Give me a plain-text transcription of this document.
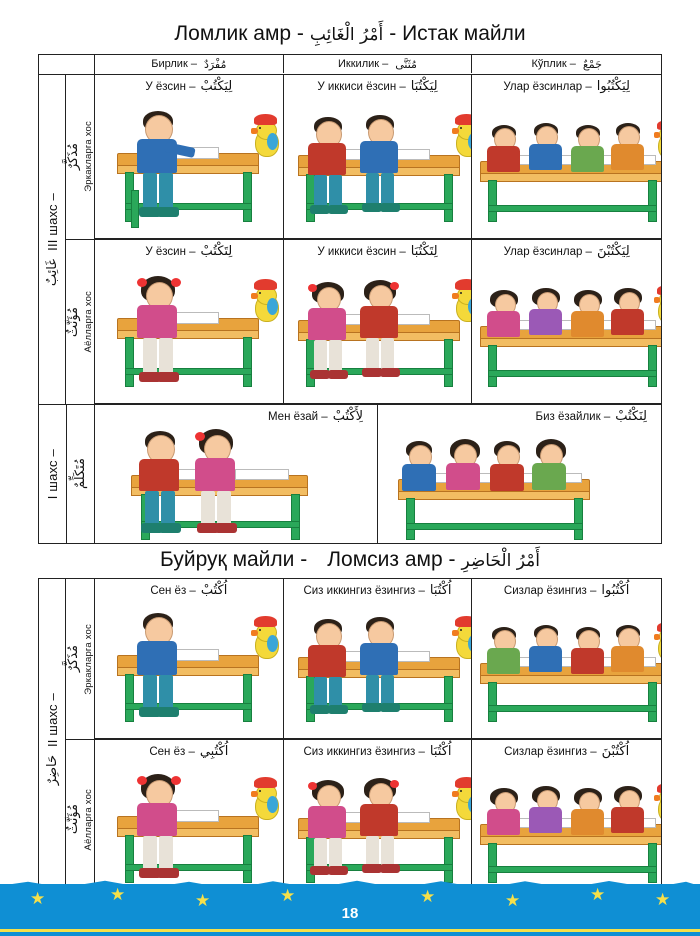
Ломлик амр - أَمْرُ الْغَائِبِ - Истак майли
Бирлик – مُفْرَدٌ	Иккилик – مُثَنَّى	Кўплик – جَمْعٌ
III шахс –
غَائِبٌ
مُذَكَّرٌ Эркакларга хос
مُؤَنَّثٌ Аёлларга хос
I шахс – مُتَكَلِّمٌ
У ёзсин – لِيَكْتُبْ	У иккиси ёзсин – لِيَكْتُبَا	Улар ёзсинлар – لِيَكْتُبُوا
У ёзсин – لِتَكْتُبْ	У иккиси ёзсин – لِتَكْتُبَا	Улар ёзсинлар – لِيَكْتُبْنَ
Мен ёзай – لِأَكْتُبْ	Биз ёзайлик – لِنَكْتُبْ
Буйруқ майли - Ломсиз амр - أَمْرُ الْحَاضِرِ
II шахс –
حَاضِرٌ
مُذَكَّرٌ Эркакларга хос
مُؤَنَّثٌ Аёлларга хос
Сен ёз – اُكْتُبْ	Сиз иккингиз ёзингиз – اُكْتُبَا	Сизлар ёзингиз – اُكْتُبُوا
Сен ёз – اُكْتُبِي	Сиз иккингиз ёзингиз – اُكْتُبَا	Сизлар ёзингиз – اُكْتُبْنَ
★	★	★	★	★	★	★	★
18
